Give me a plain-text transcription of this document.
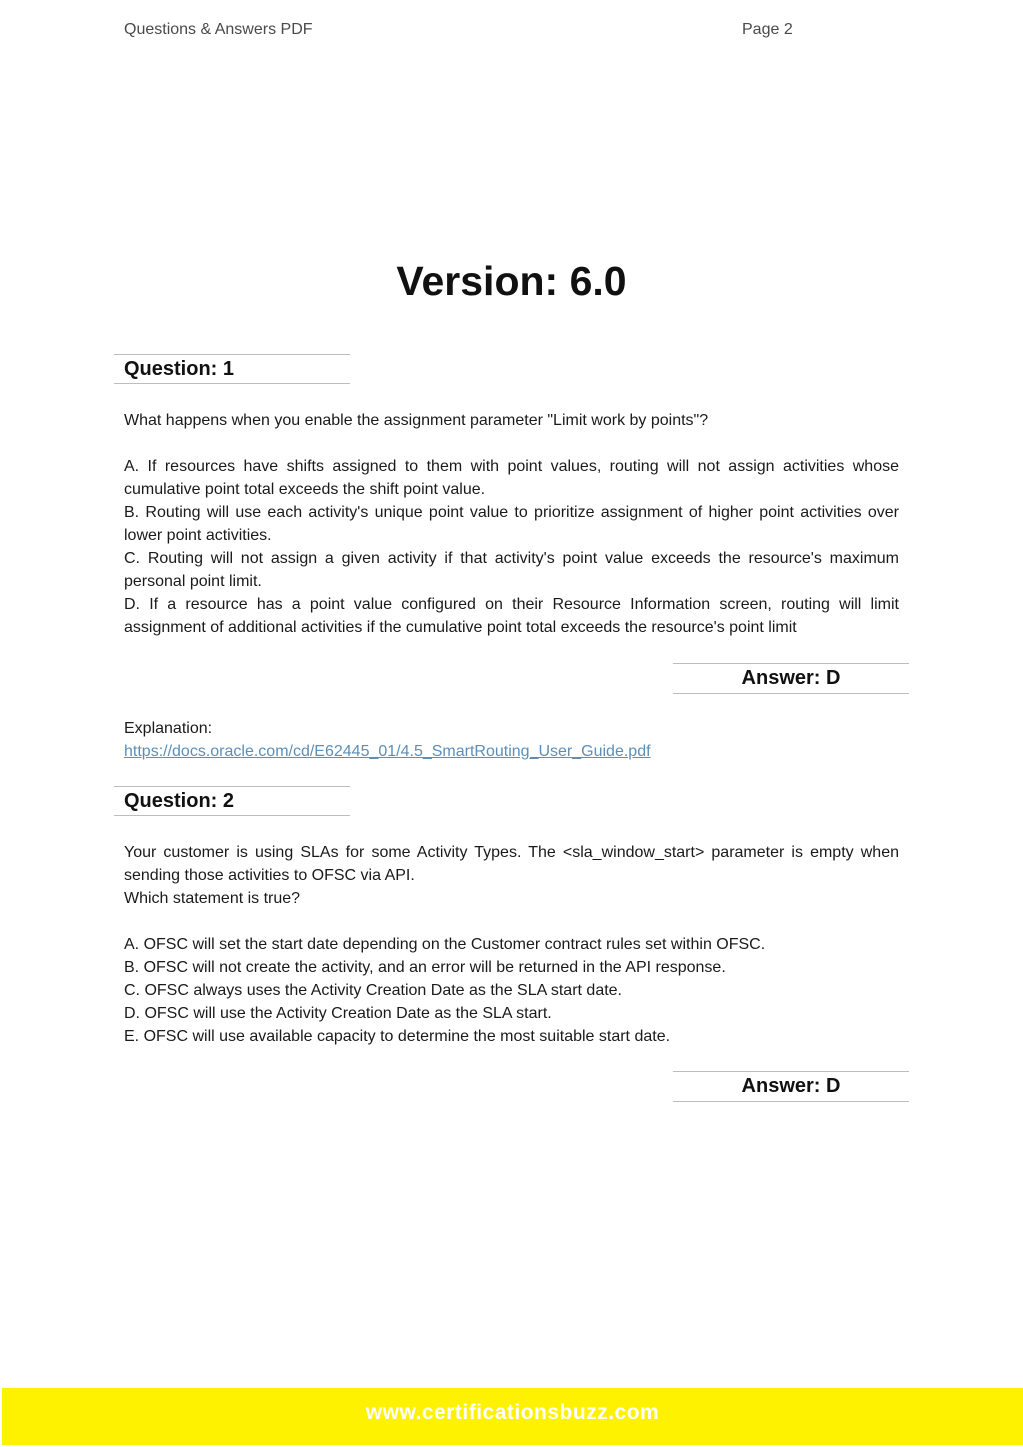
Questions & Answers PDF	Page 2
Version: 6.0
Question: 1

What happens when you enable the assignment parameter "Limit work by points"?

A. If resources have shifts assigned to them with point values, routing will not assign activities whose cumulative point total exceeds the shift point value.

B. Routing will use each activity's unique point value to prioritize assignment of higher point activities over lower point activities.

C. Routing will not assign a given activity if that activity's point value exceeds the resource's maximum personal point limit.

D. If a resource has a point value configured on their Resource Information screen, routing will limit assignment of additional activities if the cumulative point total exceeds the resource's point limit

Answer: D

Explanation:

https://docs.oracle.com/cd/E62445_01/4.5_SmartRouting_User_Guide.pdf

Question: 2

Your customer is using SLAs for some Activity Types. The <sla_window_start> parameter is empty when sending those activities to OFSC via API.

Which statement is true?

A. OFSC will set the start date depending on the Customer contract rules set within OFSC.

B. OFSC will not create the activity, and an error will be returned in the API response.

C. OFSC always uses the Activity Creation Date as the SLA start date.

D. OFSC will use the Activity Creation Date as the SLA start.

E. OFSC will use available capacity to determine the most suitable start date.

Answer: D
www.certificationsbuzz.com
